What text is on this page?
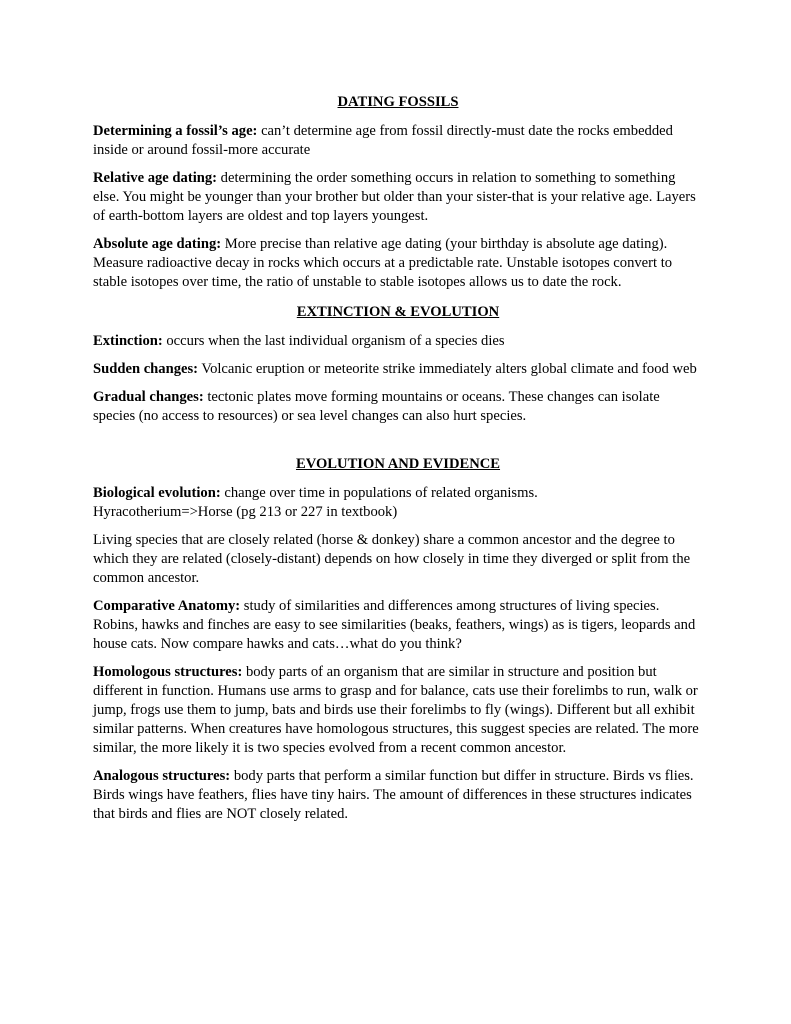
DATING FOSSILS

Determining a fossil’s age: can’t determine age from fossil directly-must date the rocks embedded inside or around fossil-more accurate

Relative age dating: determining the order something occurs in relation to something to something else. You might be younger than your brother but older than your sister-that is your relative age. Layers of earth-bottom layers are oldest and top layers youngest.

Absolute age dating: More precise than relative age dating (your birthday is absolute age dating). Measure radioactive decay in rocks which occurs at a predictable rate. Unstable isotopes convert to stable isotopes over time, the ratio of unstable to stable isotopes allows us to date the rock.

EXTINCTION & EVOLUTION

Extinction: occurs when the last individual organism of a species dies

Sudden changes: Volcanic eruption or meteorite strike immediately alters global climate and food web

Gradual changes: tectonic plates move forming mountains or oceans. These changes can isolate species (no access to resources) or sea level changes can also hurt species.

EVOLUTION AND EVIDENCE

Biological evolution: change over time in populations of related organisms.
Hyracotherium=>Horse (pg 213 or 227 in textbook)

Living species that are closely related (horse & donkey) share a common ancestor and the degree to which they are related (closely-distant) depends on how closely in time they diverged or split from the common ancestor.

Comparative Anatomy: study of similarities and differences among structures of living species. Robins, hawks and finches are easy to see similarities (beaks, feathers, wings) as is tigers, leopards and house cats. Now compare hawks and cats…what do you think?

Homologous structures: body parts of an organism that are similar in structure and position but different in function. Humans use arms to grasp and for balance, cats use their forelimbs to run, walk or jump, frogs use them to jump, bats and birds use their forelimbs to fly (wings). Different but all exhibit similar patterns. When creatures have homologous structures, this suggest species are related. The more similar, the more likely it is two species evolved from a recent common ancestor.

Analogous structures: body parts that perform a similar function but differ in structure. Birds vs flies. Birds wings have feathers, flies have tiny hairs. The amount of differences in these structures indicates that birds and flies are NOT closely related.
